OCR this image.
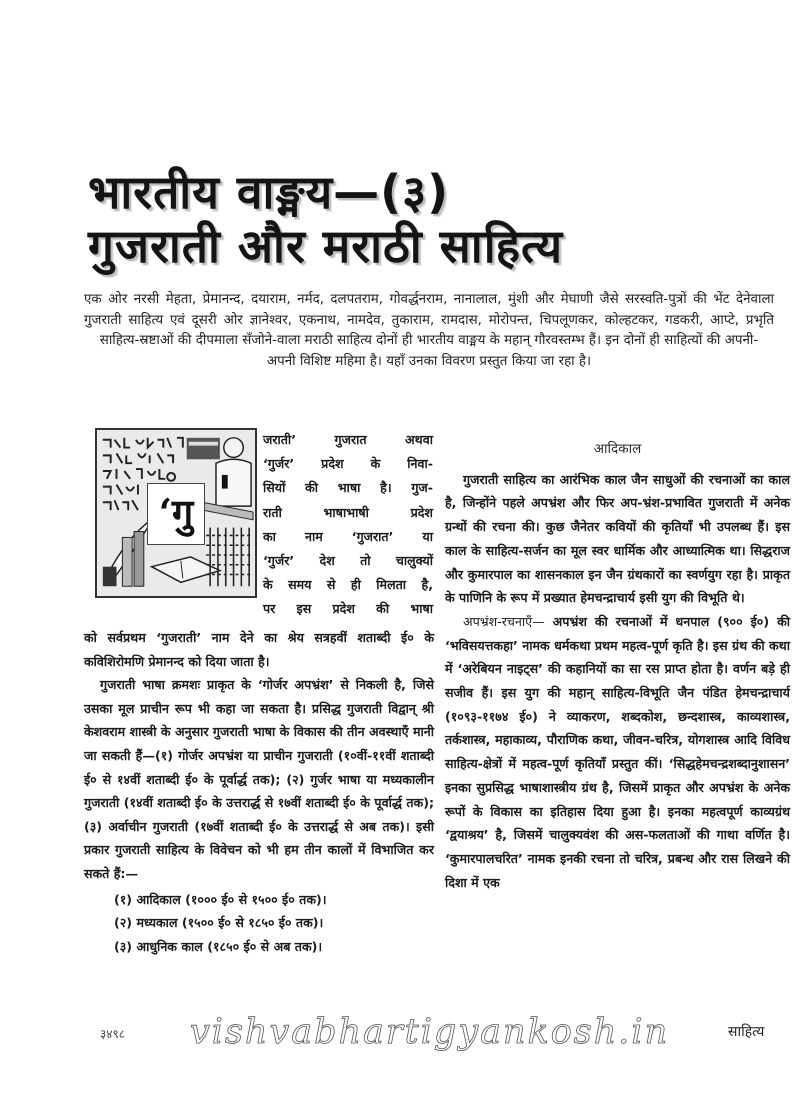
भारतीय वाङ्मय—(३)
गुजराती और मराठी साहित्य
एक ओर नरसी मेहता, प्रेमानन्द, दयाराम, नर्मद, दलपतराम, गोवर्द्धनराम, नानालाल, मुंशी और मेघाणी जैसे सरस्वति-पुत्रों की भेंट देनेवाला गुजराती साहित्य एवं दूसरी ओर ज्ञानेश्वर, एकनाथ, नामदेव, तुकाराम, रामदास, मोरोपन्त, चिपलूणकर, कोल्हटकर, गडकरी, आप्टे, प्रभृति साहित्य-स्रष्टाओं की दीपमाला सँजोने-वाला मराठी साहित्य दोनों ही भारतीय वाङ्मय के महान् गौरवस्तम्भ हैं। इन दोनों ही साहित्यों की अपनी-
अपनी विशिष्ट महिमा है। यहाँ उनका विवरण प्रस्तुत किया जा रहा है।
‘गु
जराती’ गुजरात अथवा
‘गुर्जर’ प्रदेश के निवा-
सियों की भाषा है। गुज-
राती भाषाभाषी प्रदेश
का नाम ‘गुजरात’ या
‘गुर्जर’ देश तो चालुक्यों
के समय से ही मिलता है,
पर इस प्रदेश की भाषा

को सर्वप्रथम ‘गुजराती’ नाम देने का श्रेय सत्रहवीं शताब्दी ई० के कविशिरोमणि प्रेमानन्द को दिया जाता है।

गुजराती भाषा क्रमशः प्राकृत के ‘गोर्जर अपभ्रंश’ से निकली है, जिसे उसका मूल प्राचीन रूप भी कहा जा सकता है। प्रसिद्ध गुजराती विद्वान् श्री केशवराम शास्त्री के अनुसार गुजराती भाषा के विकास की तीन अवस्थाएँ मानी जा सकती हैं—(१) गोर्जर अपभ्रंश या प्राचीन गुजराती (१०वीं-११वीं शताब्दी ई० से १४वीं शताब्दी ई० के पूर्वार्द्ध तक); (२) गुर्जर भाषा या मध्यकालीन गुजराती (१४वीं शताब्दी ई० के उत्तरार्द्ध से १७वीं शताब्दी ई० के पूर्वार्द्ध तक); (३) अर्वाचीन गुजराती (१७वीं शताब्दी ई० के उत्तरार्द्ध से अब तक)। इसी प्रकार गुजराती साहित्य के विवेचन को भी हम तीन कालों में विभाजित कर सकते हैं:—

(१) आदिकाल (१००० ई० से १५०० ई० तक)।
(२) मध्यकाल (१५०० ई० से १८५० ई० तक)।
(३) आधुनिक काल (१८५० ई० से अब तक)।
आदिकाल

गुजराती साहित्य का आरंभिक काल जैन साधुओं की रचनाओं का काल है, जिन्होंने पहले अपभ्रंश और फिर अप-भ्रंश-प्रभावित गुजराती में अनेक ग्रन्थों की रचना की। कुछ जैनेतर कवियों की कृतियाँ भी उपलब्ध हैं। इस काल के साहित्य-सर्जन का मूल स्वर धार्मिक और आध्यात्मिक था। सिद्धराज और कुमारपाल का शासनकाल इन जैन ग्रंथकारों का स्वर्णयुग रहा है। प्राकृत के पाणिनि के रूप में प्रख्यात हेमचन्द्राचार्य इसी युग की विभूति थे।

अपभ्रंश-रचनाएँ— अपभ्रंश की रचनाओं में धनपाल (९०० ई०) की ‘भविसयत्तकहा’ नामक धर्मकथा प्रथम महत्व-पूर्ण कृति है। इस ग्रंथ की कथा में ‘अरेबियन नाइट्स’ की कहानियों का सा रस प्राप्त होता है। वर्णन बड़े ही सजीव हैं। इस युग की महान् साहित्य-विभूति जैन पंडित हेमचन्द्राचार्य (१०९३-११७४ ई०) ने व्याकरण, शब्दकोश, छन्दशास्त्र, काव्यशास्त्र, तर्कशास्त्र, महाकाव्य, पौराणिक कथा, जीवन-चरित्र, योगशास्त्र आदि विविध साहित्य-क्षेत्रों में महत्व-पूर्ण कृतियाँ प्रस्तुत कीं। ‘सिद्धहेमचन्द्रशब्दानुशासन’ इनका सुप्रसिद्ध भाषाशास्त्रीय ग्रंथ है, जिसमें प्राकृत और अपभ्रंश के अनेक रूपों के विकास का इतिहास दिया हुआ है। इनका महत्वपूर्ण काव्यग्रंथ ‘द्वयाश्रय’ है, जिसमें चालुक्यवंश की अस-फलताओं की गाथा वर्णित है। ‘कुमारपालचरित’ नामक इनकी रचना तो चरित्र, प्रबन्ध और रास लिखने की दिशा में एक

३४९८ vishvabhartigyankosh.in	साहित्य
